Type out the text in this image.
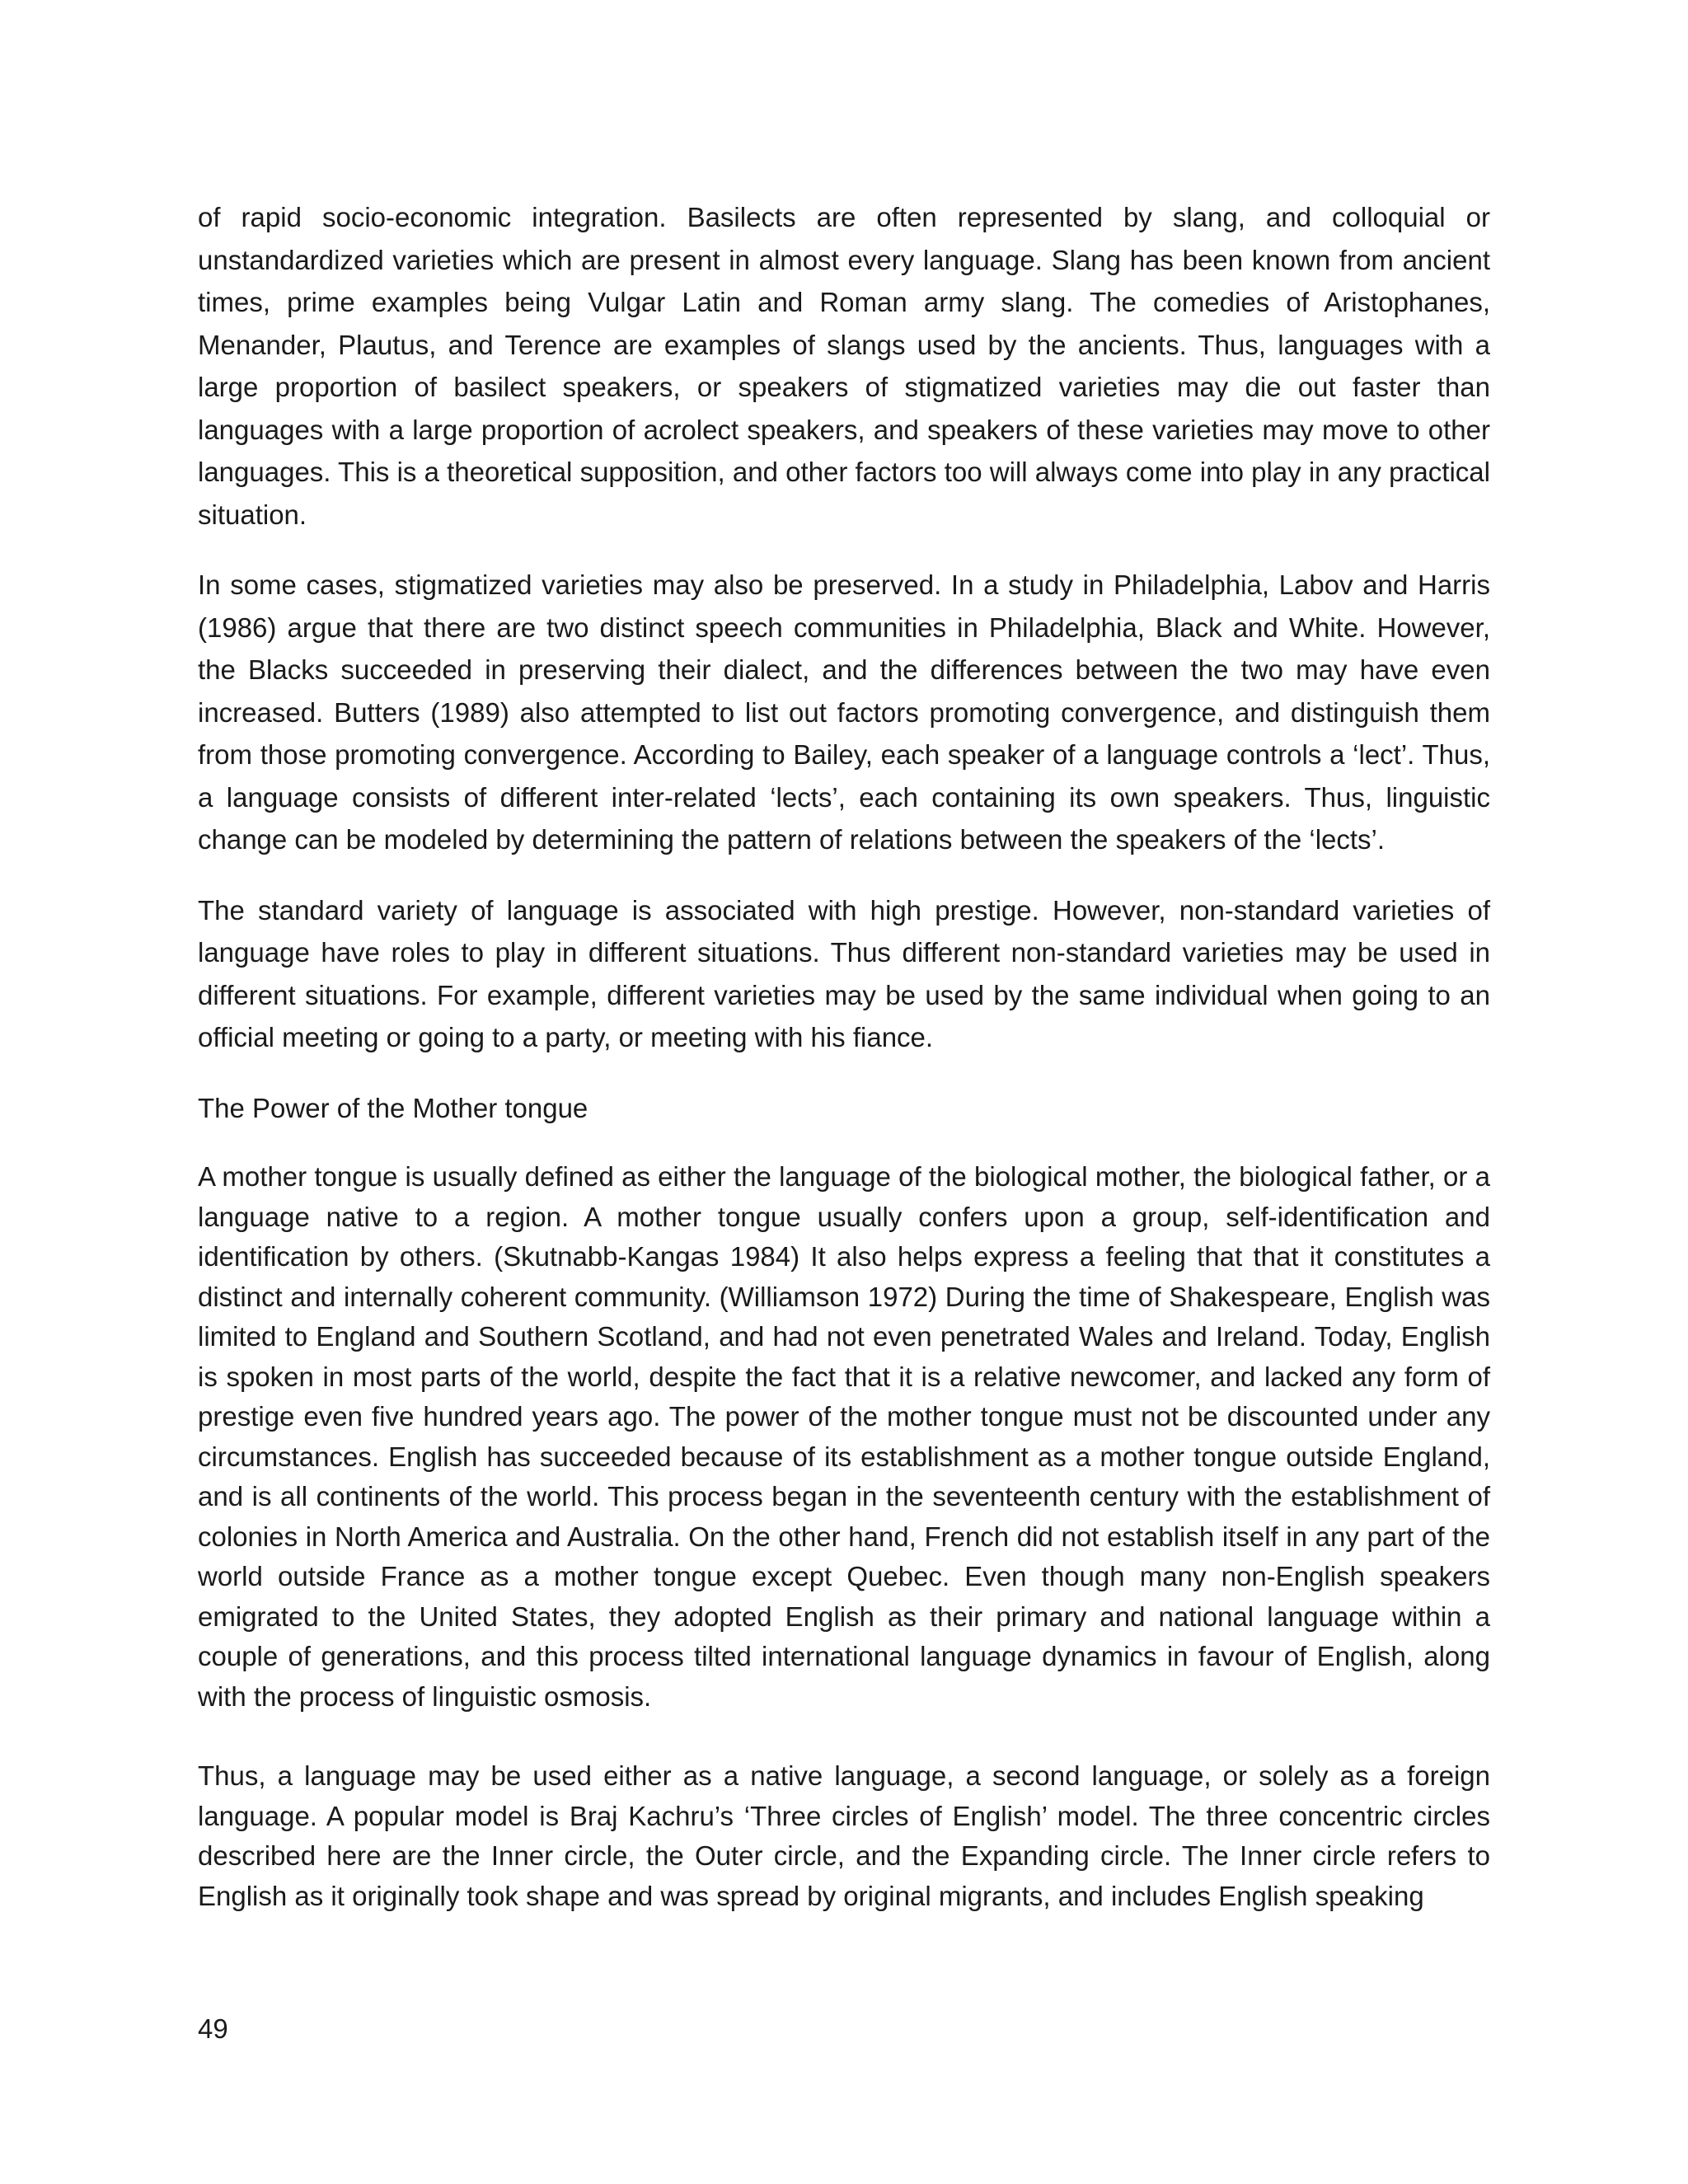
of rapid socio-economic integration. Basilects are often represented by slang, and colloquial or unstandardized varieties which are present in almost every language. Slang has been known from ancient times, prime examples being Vulgar Latin and Roman army slang. The comedies of Aristophanes, Menander, Plautus, and Terence are examples of slangs used by the ancients. Thus, languages with a large proportion of basilect speakers, or speakers of stigmatized varieties may die out faster than languages with a large proportion of acrolect speakers, and speakers of these varieties may move to other languages. This is a theoretical supposition, and other factors too will always come into play in any practical situation.

In some cases, stigmatized varieties may also be preserved. In a study in Philadelphia, Labov and Harris (1986) argue that there are two distinct speech communities in Philadelphia, Black and White. However, the Blacks succeeded in preserving their dialect, and the differences between the two may have even increased. Butters (1989) also attempted to list out factors promoting convergence, and distinguish them from those promoting convergence. According to Bailey, each speaker of a language controls a ‘lect’. Thus, a language consists of different inter-related ‘lects’, each containing its own speakers. Thus, linguistic change can be modeled by determining the pattern of relations between the speakers of the ‘lects’.

The standard variety of language is associated with high prestige. However, non-standard varieties of language have roles to play in different situations. Thus different non-standard varieties may be used in different situations. For example, different varieties may be used by the same individual when going to an official meeting or going to a party, or meeting with his fiance.

The Power of the Mother tongue

A mother tongue is usually defined as either the language of the biological mother, the biological father, or a language native to a region. A mother tongue usually confers upon a group, self-identification and identification by others. (Skutnabb-Kangas 1984) It also helps express a feeling that that it constitutes a distinct and internally coherent community. (Williamson 1972) During the time of Shakespeare, English was limited to England and Southern Scotland, and had not even penetrated Wales and Ireland. Today, English is spoken in most parts of the world, despite the fact that it is a relative newcomer, and lacked any form of prestige even five hundred years ago. The power of the mother tongue must not be discounted under any circumstances. English has succeeded because of its establishment as a mother tongue outside England, and is all continents of the world. This process began in the seventeenth century with the establishment of colonies in North America and Australia. On the other hand, French did not establish itself in any part of the world outside France as a mother tongue except Quebec. Even though many non-English speakers emigrated to the United States, they adopted English as their primary and national language within a couple of generations, and this process tilted international language dynamics in favour of English, along with the process of linguistic osmosis.

Thus, a language may be used either as a native language, a second language, or solely as a foreign language. A popular model is Braj Kachru’s ‘Three circles of English’ model. The three concentric circles described here are the Inner circle, the Outer circle, and the Expanding circle. The Inner circle refers to English as it originally took shape and was spread by original migrants, and includes English speaking

49
